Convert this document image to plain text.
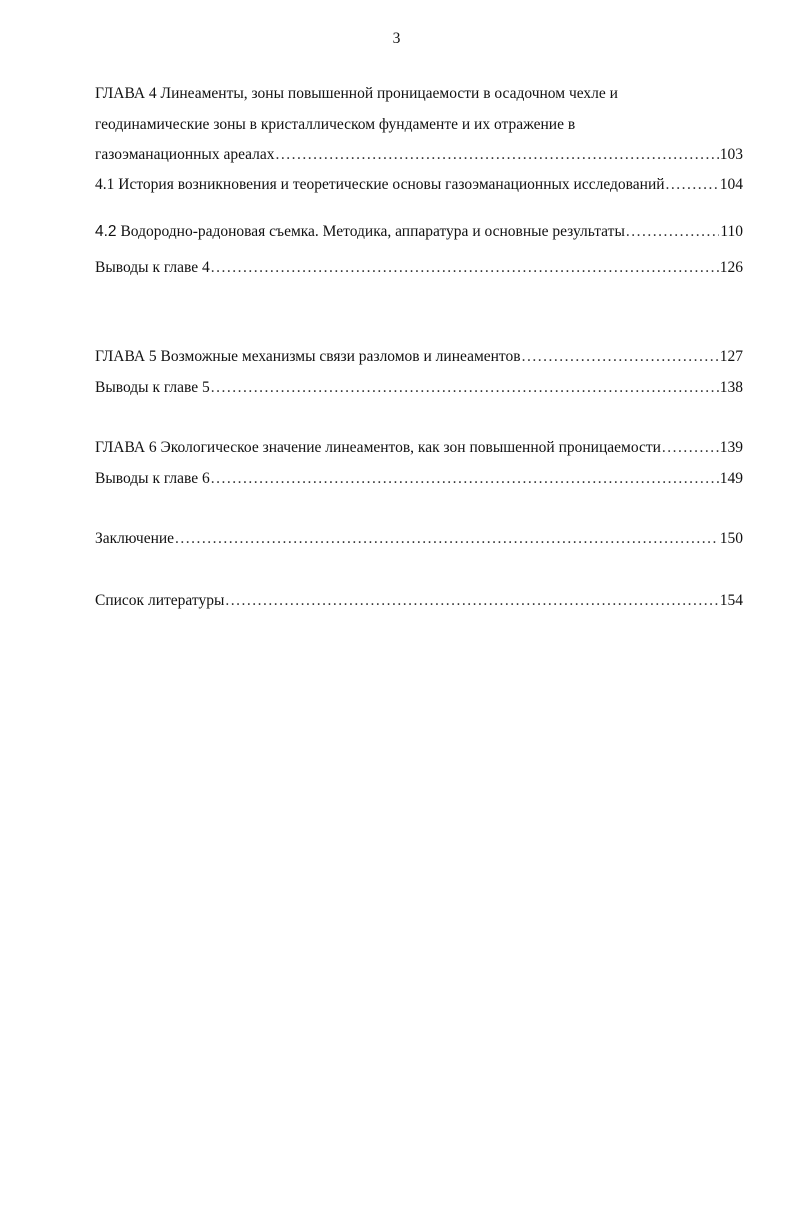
3
ГЛАВА 4 Линеаменты, зоны повышенной проницаемости в осадочном чехле и
геодинамические зоны в кристаллическом фундаменте и их отражение в
газоэманационных ареалах .....	103
4.1 История возникновения и теоретические основы газоэманационных исследований .....	104
4.2 Водородно-радоновая съемка. Методика, аппаратура и основные результаты .....	110
Выводы к главе 4 .....	126
ГЛАВА 5 Возможные механизмы связи разломов и линеаментов .....	127
Выводы к главе 5 .....	138
ГЛАВА 6 Экологическое значение линеаментов, как зон повышенной проницаемости .....	139
Выводы к главе 6 .....	149
Заключение .....	150
Список литературы .....	154
